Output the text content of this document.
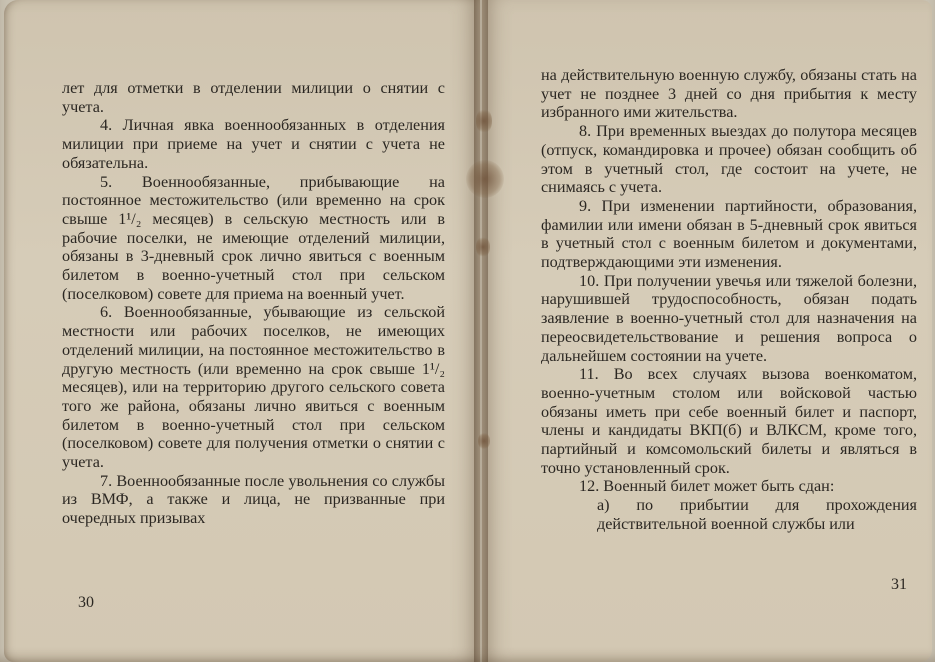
лет для отметки в отделении милиции о снятии с учета.

4. Личная явка военнообязанных в отделения милиции при приеме на учет и снятии с учета не обязательна.

5. Военнообязанные, прибывающие на постоянное местожительство (или временно на срок свыше 1¹/₂ месяцев) в сельскую местность или в рабочие поселки, не имеющие отделений милиции, обязаны в 3-дневный срок лично явиться с военным билетом в военно-учетный стол при сельском (поселковом) совете для приема на военный учет.

6. Военнообязанные, убывающие из сельской местности или рабочих поселков, не имеющих отделений милиции, на постоянное местожительство в другую местность (или временно на срок свыше 1¹/₂ месяцев), или на территорию другого сельского совета того же района, обязаны лично явиться с военным билетом в военно-учетный стол при сельском (поселковом) совете для получения отметки о снятии с учета.

7. Военнообязанные после увольнения со службы из ВМФ, а также и лица, не призванные при очередных призывах

30

на действительную военную службу, обязаны стать на учет не позднее 3 дней со дня прибытия к месту избранного ими жительства.

8. При временных выездах до полутора месяцев (отпуск, командировка и прочее) обязан сообщить об этом в учетный стол, где состоит на учете, не снимаясь с учета.

9. При изменении партийности, образования, фамилии или имени обязан в 5-дневный срок явиться в учетный стол с военным билетом и документами, подтверждающими эти изменения.

10. При получении увечья или тяжелой болезни, нарушившей трудоспособность, обязан подать заявление в военно-учетный стол для назначения на переосвидетельствование и решения вопроса о дальнейшем состоянии на учете.

11. Во всех случаях вызова военкоматом, военно-учетным столом или войсковой частью обязаны иметь при себе военный билет и паспорт, члены и кандидаты ВКП(б) и ВЛКСМ, кроме того, партийный и комсомольский билеты и являться в точно установленный срок.

12. Военный билет может быть сдан:

а) по прибытии для прохождения действительной военной службы или

31
